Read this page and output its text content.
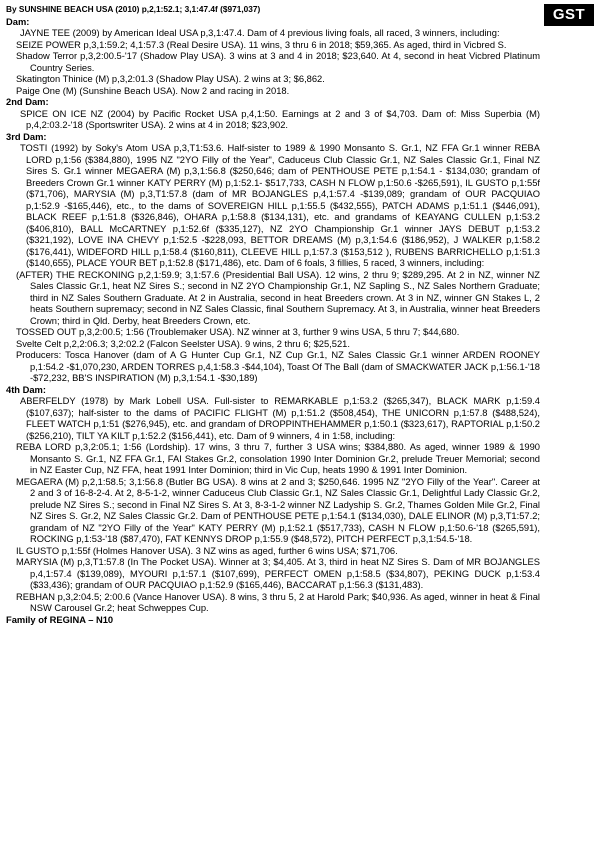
GST
By SUNSHINE BEACH USA (2010) p,2,1:52.1; 3,1:47.4f ($971,037)
Dam:

JAYNE TEE (2009) by American Ideal USA p,3,1:47.4. Dam of 4 previous living foals, all raced, 3 winners, including:

SEIZE POWER p,3,1:59.2; 4,1:57.3 (Real Desire USA). 11 wins, 3 thru 6 in 2018; $59,365. As aged, third in Vicbred S.

Shadow Terror p,3,2:00.5-'17 (Shadow Play USA). 3 wins at 3 and 4 in 2018; $23,640. At 4, second in heat Vicbred Platinum Country Series.

Skatington Thinice (M) p,3,2:01.3 (Shadow Play USA). 2 wins at 3; $6,862.

Paige One (M) (Sunshine Beach USA). Now 2 and racing in 2018.

2nd Dam:

SPICE ON ICE NZ (2004) by Pacific Rocket USA p,4,1:50. Earnings at 2 and 3 of $4,703. Dam of: Miss Superbia (M) p,4,2:03.2-'18 (Sportswriter USA). 2 wins at 4 in 2018; $23,902.

3rd Dam:

TOSTI (1992) by Soky's Atom USA p,3,T1:53.6. Half-sister to 1989 & 1990 Monsanto S. Gr.1, NZ FFA Gr.1 winner REBA LORD p,1:56 ($384,880), 1995 NZ "2YO Filly of the Year", Caduceus Club Classic Gr.1, NZ Sales Classic Gr.1, Final NZ Sires S. Gr.1 winner MEGAERA (M) p,3,1:56.8 ($250,646; dam of PENTHOUSE PETE p,1:54.1 - $134,030; grandam of Breeders Crown Gr.1 winner KATY PERRY (M) p,1:52.1- $517,733, CASH N FLOW p,1:50.6 -$265,591), IL GUSTO p,1:55f ($71,706), MARYSIA (M) p,3,T1:57.8 (dam of MR BOJANGLES p,4,1:57.4 -$139,089; grandam of OUR PACQUIAO p,1:52.9 -$165,446), etc., to the dams of SOVEREIGN HILL p,1:55.5 ($432,555), PATCH ADAMS p,1:51.1 ($446,091), BLACK REEF p,1:51.8 ($326,846), OHARA p,1:58.8 ($134,131), etc. and grandams of KEAYANG CULLEN p,1:53.2 ($406,810), BALL McCARTNEY p,1:52.6f ($335,127), NZ 2YO Championship Gr.1 winner JAYS DEBUT p,1:53.2 ($321,192), LOVE INA CHEVY p,1:52.5 -$228,093, BETTOR DREAMS (M) p,3,1:54.6 ($186,952), J WALKER p,1:58.2 ($176,441), WIDEFORD HILL p,1:58.4 ($160,811), CLEEVE HILL p,1:57.3 ($153,512 ), RUBENS BARRICHELLO p,1:51.3 ($140,655), PLACE YOUR BET p,1:52.8 ($171,486), etc. Dam of 6 foals, 3 fillies, 5 raced, 3 winners, including:

(AFTER) THE RECKONING p,2,1:59.9; 3,1:57.6 (Presidential Ball USA). 12 wins, 2 thru 9; $289,295. At 2 in NZ, winner NZ Sales Classic Gr.1, heat NZ Sires S.; second in NZ 2YO Championship Gr.1, NZ Sapling S., NZ Sales Northern Graduate; third in NZ Sales Southern Graduate. At 2 in Australia, second in heat Breeders crown. At 3 in NZ, winner GN Stakes L, 2 heats Southern supremacy; second in NZ Sales Classic, final Southern Supremacy. At 3, in Australia, winner heat Breeders Crown; third in Qld. Derby, heat Breeders Crown, etc.

TOSSED OUT p,3,2:00.5; 1:56 (Troublemaker USA). NZ winner at 3, further 9 wins USA, 5 thru 7; $44,680.

Svelte Celt p,2,2:06.3; 3,2:02.2 (Falcon Seelster USA). 9 wins, 2 thru 6; $25,521.

Producers: Tosca Hanover (dam of A G Hunter Cup Gr.1, NZ Cup Gr.1, NZ Sales Classic Gr.1 winner ARDEN ROONEY p,1:54.2 -$1,070,230, ARDEN TORRES p,4,1:58.3 -$44,104), Toast Of The Ball (dam of SMACKWATER JACK p,1:56.1-'18 -$72,232, BB'S INSPIRATION (M) p,3,1:54.1 -$30,189)

4th Dam:

ABERFELDY (1978) by Mark Lobell USA. Full-sister to REMARKABLE p,1:53.2 ($265,347), BLACK MARK p,1:59.4 ($107,637); half-sister to the dams of PACIFIC FLIGHT (M) p,1:51.2 ($508,454), THE UNICORN p,1:57.8 ($488,524), FLEET WATCH p,1:51 ($276,945), etc. and grandam of DROPPINTHEHAMMER p,1:50.1 ($323,617), RAPTORIAL p,1:50.2 ($256,210), TILT YA KILT p,1:52.2 ($156,441), etc. Dam of 9 winners, 4 in 1:58, including:

REBA LORD p,3,2:05.1; 1:56 (Lordship). 17 wins, 3 thru 7, further 3 USA wins; $384,880. As aged, winner 1989 & 1990 Monsanto S. Gr.1, NZ FFA Gr.1, FAI Stakes Gr.2, consolation 1990 Inter Dominion Gr.2, prelude Treuer Memorial; second in NZ Easter Cup, NZ FFA, heat 1991 Inter Dominion; third in Vic Cup, heats 1990 & 1991 Inter Dominion.

MEGAERA (M) p,2,1:58.5; 3,1:56.8 (Butler BG USA). 8 wins at 2 and 3; $250,646. 1995 NZ "2YO Filly of the Year". Career at 2 and 3 of 16-8-2-4. At 2, 8-5-1-2, winner Caduceus Club Classic Gr.1, NZ Sales Classic Gr.1, Delightful Lady Classic Gr.2, prelude NZ Sires S.; second in Final NZ Sires S. At 3, 8-3-1-2 winner NZ Ladyship S. Gr.2, Thames Golden Mile Gr.2, Final NZ Sires S. Gr.2, NZ Sales Classic Gr.2. Dam of PENTHOUSE PETE p,1:54.1 ($134,030), DALE ELINOR (M) p,3,T1:57.2; grandam of NZ "2YO Filly of the Year" KATY PERRY (M) p,1:52.1 ($517,733), CASH N FLOW p,1:50.6-'18 ($265,591), ROCKING p,1:53-'18 ($87,470), FAT KENNYS DROP p,1:55.9 ($48,572), PITCH PERFECT p,3,1:54.5-'18.

IL GUSTO p,1:55f (Holmes Hanover USA). 3 NZ wins as aged, further 6 wins USA; $71,706.

MARYSIA (M) p,3,T1:57.8 (In The Pocket USA). Winner at 3; $4,405. At 3, third in heat NZ Sires S. Dam of MR BOJANGLES p,4,1:57.4 ($139,089), MYOURI p,1:57.1 ($107,699), PERFECT OMEN p,1:58.5 ($34,807), PEKING DUCK p,1:53.4 ($33,436); grandam of OUR PACQUIAO p,1:52.9 ($165,446), BACCARAT p,1:56.3 ($131,483).

REBHAN p,3,2:04.5; 2:00.6 (Vance Hanover USA). 8 wins, 3 thru 5, 2 at Harold Park; $40,936. As aged, winner in heat & Final NSW Carousel Gr.2; heat Schweppes Cup.

Family of REGINA – N10
